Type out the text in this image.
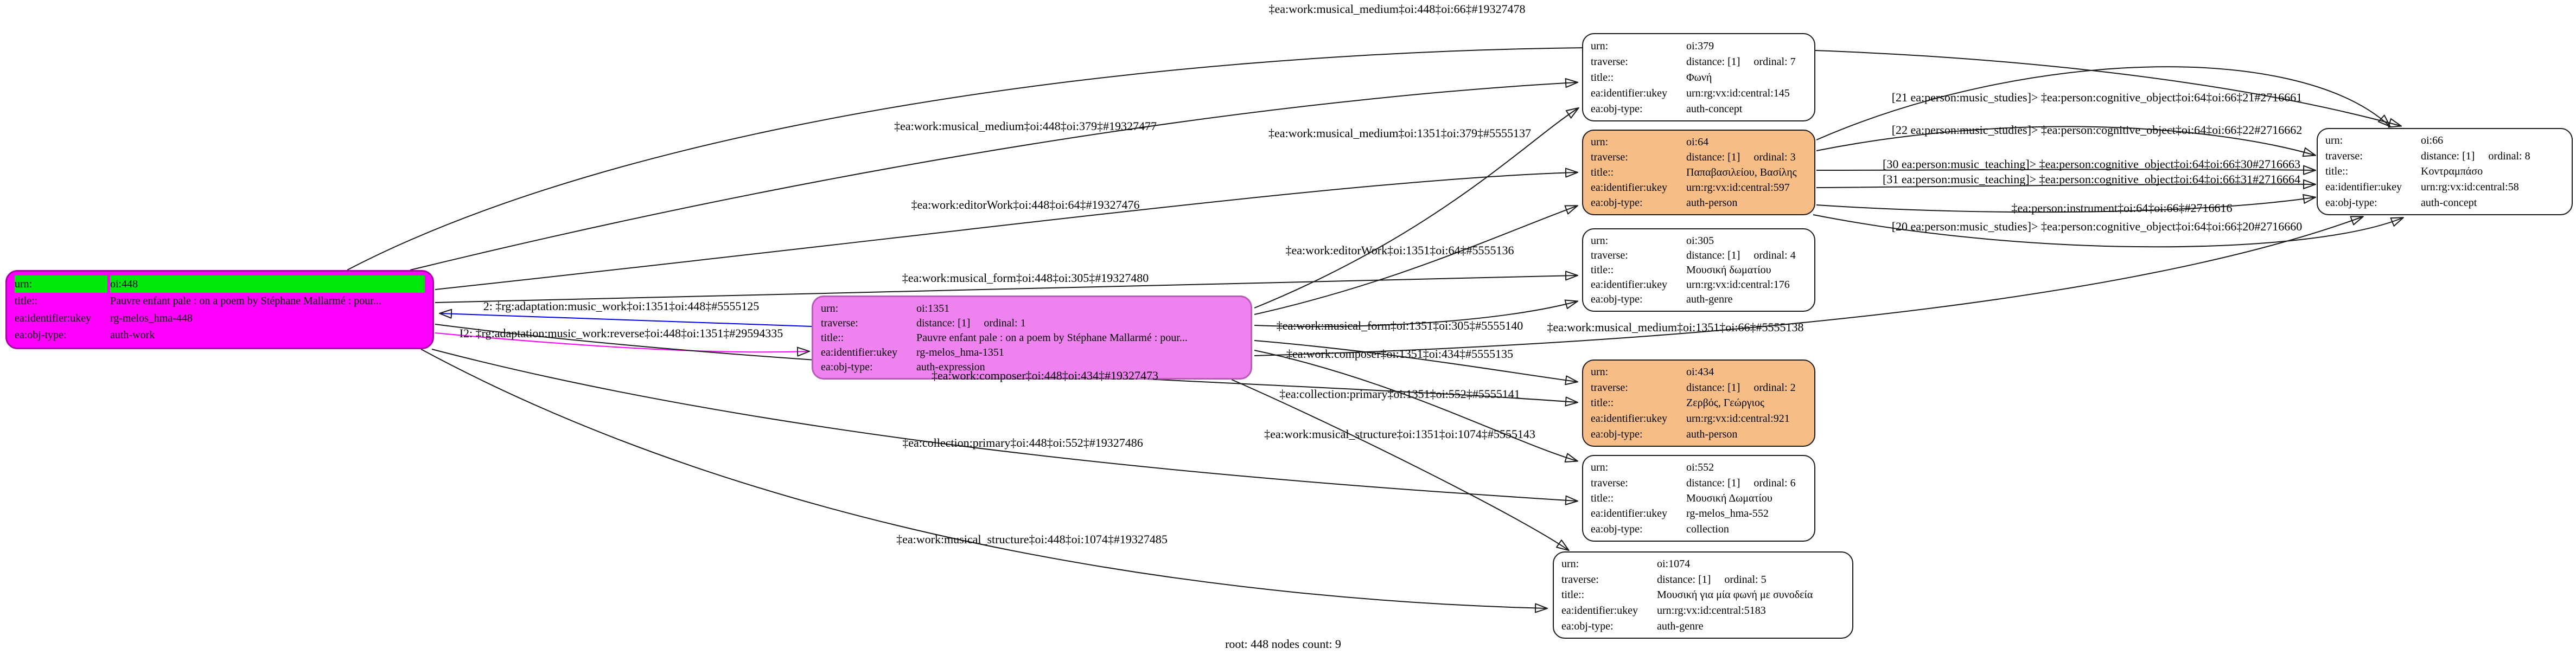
urn:	oi:448
title::	Pauvre enfant pale : on a poem by Stéphane Mallarmé : pour...
ea:identifier:ukey	rg-melos_hma-448
ea:obj-type:	auth-work
urn:	oi:1351
traverse:	distance: [1]     ordinal: 1
title::	Pauvre enfant pale : on a poem by Stéphane Mallarmé : pour...
ea:identifier:ukey	rg-melos_hma-1351
ea:obj-type:	auth-expression
urn:	oi:379
traverse:	distance: [1]     ordinal: 7
title::	Φωνή
ea:identifier:ukey	urn:rg:vx:id:central:145
ea:obj-type:	auth-concept
urn:	oi:64
traverse:	distance: [1]     ordinal: 3
title::	Παπαβασιλείου, Βασίλης
ea:identifier:ukey	urn:rg:vx:id:central:597
ea:obj-type:	auth-person
urn:	oi:305
traverse:	distance: [1]     ordinal: 4
title::	Μουσική δωματίου
ea:identifier:ukey	urn:rg:vx:id:central:176
ea:obj-type:	auth-genre
urn:	oi:434
traverse:	distance: [1]     ordinal: 2
title::	Ζερβός, Γεώργιος
ea:identifier:ukey	urn:rg:vx:id:central:921
ea:obj-type:	auth-person
urn:	oi:552
traverse:	distance: [1]     ordinal: 6
title::	Μουσική Δωματίου
ea:identifier:ukey	rg-melos_hma-552
ea:obj-type:	collection
urn:	oi:1074
traverse:	distance: [1]     ordinal: 5
title::	Μουσική για μία φωνή με συνοδεία
ea:identifier:ukey	urn:rg:vx:id:central:5183
ea:obj-type:	auth-genre
urn:	oi:66
traverse:	distance: [1]     ordinal: 8
title::	Κοντραμπάσο
ea:identifier:ukey	urn:rg:vx:id:central:58
ea:obj-type:	auth-concept
‡ea:work:musical_medium‡oi:448‡oi:66‡#19327478
‡ea:work:musical_medium‡oi:448‡oi:379‡#19327477
‡ea:work:musical_medium‡oi:1351‡oi:379‡#5555137
‡ea:work:editorWork‡oi:448‡oi:64‡#19327476
‡ea:work:musical_form‡oi:448‡oi:305‡#19327480
‡ea:work:editorWork‡oi:1351‡oi:64‡#5555136
‡ea:work:musical_form‡oi:1351‡oi:305‡#5555140
2: ‡rg:adaptation:music_work‡oi:1351‡oi:448‡#5555125
I2: ‡rg:adaptation:music_work:reverse‡oi:448‡oi:1351‡#29594335
‡ea:work:composer‡oi:1351‡oi:434‡#5555135
‡ea:work:composer‡oi:448‡oi:434‡#19327473
‡ea:collection:primary‡oi:1351‡oi:552‡#5555141
‡ea:collection:primary‡oi:448‡oi:552‡#19327486
‡ea:work:musical_structure‡oi:1351‡oi:1074‡#5555143
‡ea:work:musical_structure‡oi:448‡oi:1074‡#19327485
‡ea:work:musical_medium‡oi:1351‡oi:66‡#5555138
[21 ea:person:music_studies]> ‡ea:person:cognitive_object‡oi:64‡oi:66‡21#2716661
[22 ea:person:music_studies]> ‡ea:person:cognitive_object‡oi:64‡oi:66‡22#2716662
[30 ea:person:music_teaching]> ‡ea:person:cognitive_object‡oi:64‡oi:66‡30#2716663
[31 ea:person:music_teaching]> ‡ea:person:cognitive_object‡oi:64‡oi:66‡31#2716664
‡ea:person:instrument‡oi:64‡oi:66‡#2716616
[20 ea:person:music_studies]> ‡ea:person:cognitive_object‡oi:64‡oi:66‡20#2716660
root: 448 nodes count: 9
